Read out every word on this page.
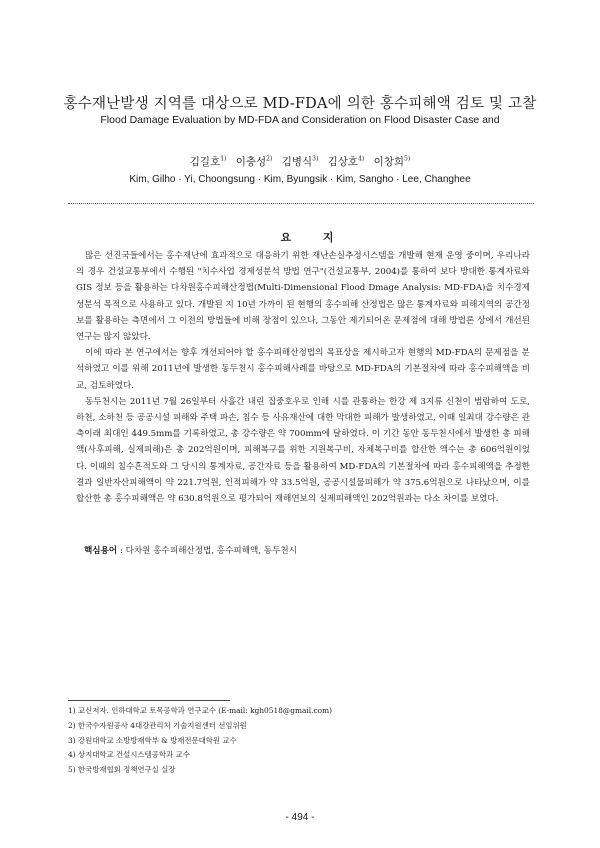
홍수재난발생 지역를 대상으로 MD-FDA에 의한 홍수피해액 검토 및 고찰
Flood Damage Evaluation by MD-FDA and Consideration on Flood Disaster Case and
김길호$^{1)}$ 이충성$^{2)}$ 김병식$^{3)}$ 김상호$^{4)}$ 이창희$^{5)}$
Kim, Gilho · Yi, Choongsung · Kim, Byungsik · Kim, Sangho · Lee, Changhee
요 지

많은 선진국들에서는 홍수재난에 효과적으로 대응하기 위한 재난손실추정시스템을 개발해 현재 운영 중이며, 우리나라의 경우 건설교통부에서 수행된 "치수사업 경제성분석 방법 연구"(건설교통부, 2004)를 통하여 보다 방대한 통계자료와 GIS 정보 등을 활용하는 다차원홍수피해산정법(Multi-Dimensional Flood Dmage Analysis: MD-FDA)을 치수경제성분석 목적으로 사용하고 있다. 개발된 지 10년 가까이 된 현행의 홍수피해 산정법은 많은 통계자료와 피해지역의 공간정보를 활용하는 측면에서 그 이전의 방법들에 비해 장점이 있으나, 그동안 제기되어온 문제점에 대해 방법론 상에서 개선된 연구는 많지 않았다.

이에 따라 본 연구에서는 향후 개선되어야 할 홍수피해산정법의 목표상을 제시하고자 현행의 MD-FDA의 문제점을 분석하였고 이를 위해 2011년에 발생한 동두천시 홍수피해사례를 바탕으로 MD-FDA의 기본절차에 따라 홍수피해액을 비교, 검토하였다.

동두천시는 2011년 7월 26일부터 사흘간 내린 집중호우로 인해 시를 관통하는 한강 제 3지류 신천이 범람하여 도로, 하천, 소하천 등 공공시설 피해와 주택 파손, 침수 등 사유재산에 대한 막대한 피해가 발생하였고, 이때 일최대 강수량은 관측이래 최대인 449.5mm를 기록하였고, 총 강수량은 약 700mm에 달하였다. 이 기간 동안 동두천시에서 발생한 총 피해액(사후피해, 실제피해)은 총 202억원이며, 피해복구를 위한 지원복구비, 자체복구비를 합산한 액수는 총 606억원이었다. 이때의 침수흔적도와 그 당시의 통계자료, 공간자료 등을 활용하여 MD-FDA의 기본절차에 따라 홍수피해액을 추정한 결과 일반자산피해액이 약 221.7억원, 인적피해가 약 33.5억원, 공공시설물피해가 약 375.6억원으로 나타났으며, 이를 합산한 총 홍수피해액은 약 630.8억원으로 평가되어 재해연보의 실제피해액인 202억원과는 다소 차이를 보였다.

핵심용어 : 다차원 홍수피해산정법, 홍수피해액, 동두천시
1) 교신저자. 인하대학교 토목공학과 연구교수 (E-mail: kgh0518@gmail.com)
2) 한국수자원공사 4대강관리처 기술지원센터 선임위원
3) 강원대학교 소방방재학부 & 방재전문대학원 교수
4) 상지대학교 건설시스템공학과 교수
5) 한국방재협회 정책연구실 실장
- 494 -
